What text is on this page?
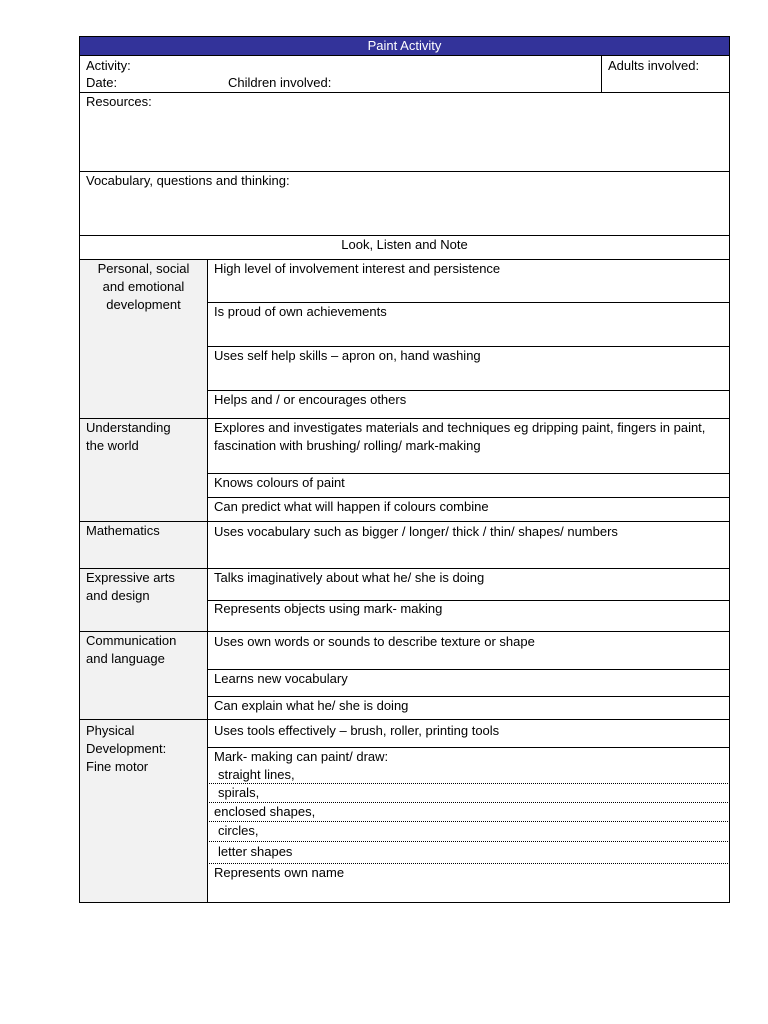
Paint Activity
Activity:
Date:	Children involved:
Adults involved:
Resources:
Vocabulary, questions and thinking:
Look, Listen and Note
Personal, social and emotional development
High level of involvement interest and persistence
Is proud of own achievements
Uses self help skills – apron on, hand washing
Helps and / or encourages others
Understanding the world
Explores and investigates materials and techniques eg dripping paint, fingers in paint, fascination with brushing/ rolling/ mark-making
Knows colours of paint
Can predict what will happen if colours combine
Mathematics	Uses vocabulary such as bigger / longer/ thick / thin/ shapes/ numbers
Expressive arts and design
Talks imaginatively about what he/ she is doing
Represents objects using mark- making
Communication and language
Uses own words or sounds to describe texture or shape
Learns new vocabulary
Can explain what he/ she is doing
Physical Development: Fine motor
Uses tools effectively – brush, roller, printing tools
Mark- making can paint/ draw:
straight lines,
spirals,
enclosed shapes,
circles,
letter shapes
Represents own name
